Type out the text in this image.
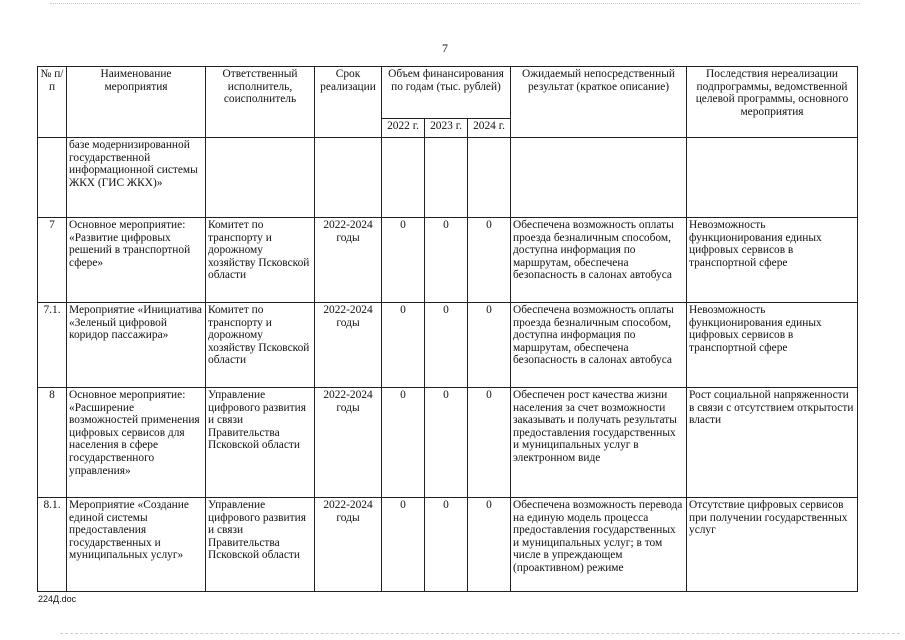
7
№ п/п	Наименование мероприятия	Ответственный исполнитель, соисполнитель	Срок реализации	Объем финансирования по годам (тыс. рублей)			Ожидаемый непосредственный результат (краткое описание)	Последствия нереализации подпрограммы, ведомственной целевой программы, основного мероприятия
				2022 г.	2023 г.	2024 г.		
	базе модернизированной государственной информационной системы ЖКХ (ГИС ЖКХ)»							
7	Основное мероприятие: «Развитие цифровых решений в транспортной сфере»	Комитет по транспорту и дорожному хозяйству Псковской области	2022-2024 годы	0	0	0	Обеспечена возможность оплаты проезда безналичным способом, доступна информация по маршрутам, обеспечена безопасность в салонах автобуса	Невозможность функционирования единых цифровых сервисов в транспортной сфере
7.1.	Мероприятие «Инициатива «Зеленый цифровой коридор пассажира»	Комитет по транспорту и дорожному хозяйству Псковской области	2022-2024 годы	0	0	0	Обеспечена возможность оплаты проезда безналичным способом, доступна информация по маршрутам, обеспечена безопасность в салонах автобуса	Невозможность функционирования единых цифровых сервисов в транспортной сфере
8	Основное мероприятие: «Расширение возможностей применения цифровых сервисов для населения в сфере государственного управления»	Управление цифрового развития и связи Правительства Псковской области	2022-2024 годы	0	0	0	Обеспечен рост качества жизни населения за счет возможности заказывать и получать результаты предоставления государственных и муниципальных услуг в электронном виде	Рост социальной напряженности в связи с отсутствием открытости власти
8.1.	Мероприятие «Создание единой системы предоставления государственных и муниципальных услуг»	Управление цифрового развития и связи Правительства Псковской области	2022-2024 годы	0	0	0	Обеспечена возможность перевода на единую модель процесса предоставления государственных и муниципальных услуг; в том числе в упреждающем (проактивном) режиме	Отсутствие цифровых сервисов при получении государственных услуг
224Д.doc
